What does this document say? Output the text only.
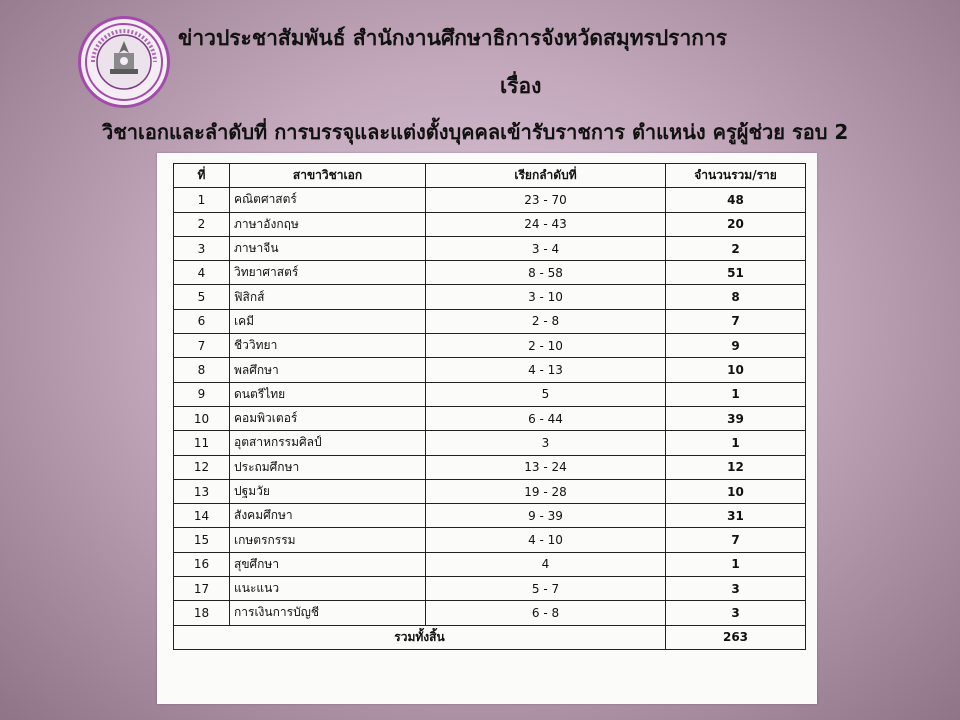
ข่าวประชาสัมพันธ์ สำนักงานศึกษาธิการจังหวัดสมุทรปราการ
เรื่อง
วิชาเอกและลำดับที่ การบรรจุและแต่งตั้งบุคคลเข้ารับราชการ ตำแหน่ง ครูผู้ช่วย รอบ 2
ที่	สาขาวิชาเอก	เรียกลำดับที่	จำนวนรวม/ราย
1	คณิตศาสตร์	23 - 70	48
2	ภาษาอังกฤษ	24 - 43	20
3	ภาษาจีน	3 - 4	2
4	วิทยาศาสตร์	8 - 58	51
5	ฟิสิกส์	3 - 10	8
6	เคมี	2 - 8	7
7	ชีววิทยา	2 - 10	9
8	พลศึกษา	4 - 13	10
9	ดนตรีไทย	5	1
10	คอมพิวเตอร์	6 - 44	39
11	อุตสาหกรรมศิลป์	3	1
12	ประถมศึกษา	13 - 24	12
13	ปฐมวัย	19 - 28	10
14	สังคมศึกษา	9 - 39	31
15	เกษตรกรรม	4 - 10	7
16	สุขศึกษา	4	1
17	แนะแนว	5 - 7	3
18	การเงินการบัญชี	6 - 8	3
รวมทั้งสิ้น			263
